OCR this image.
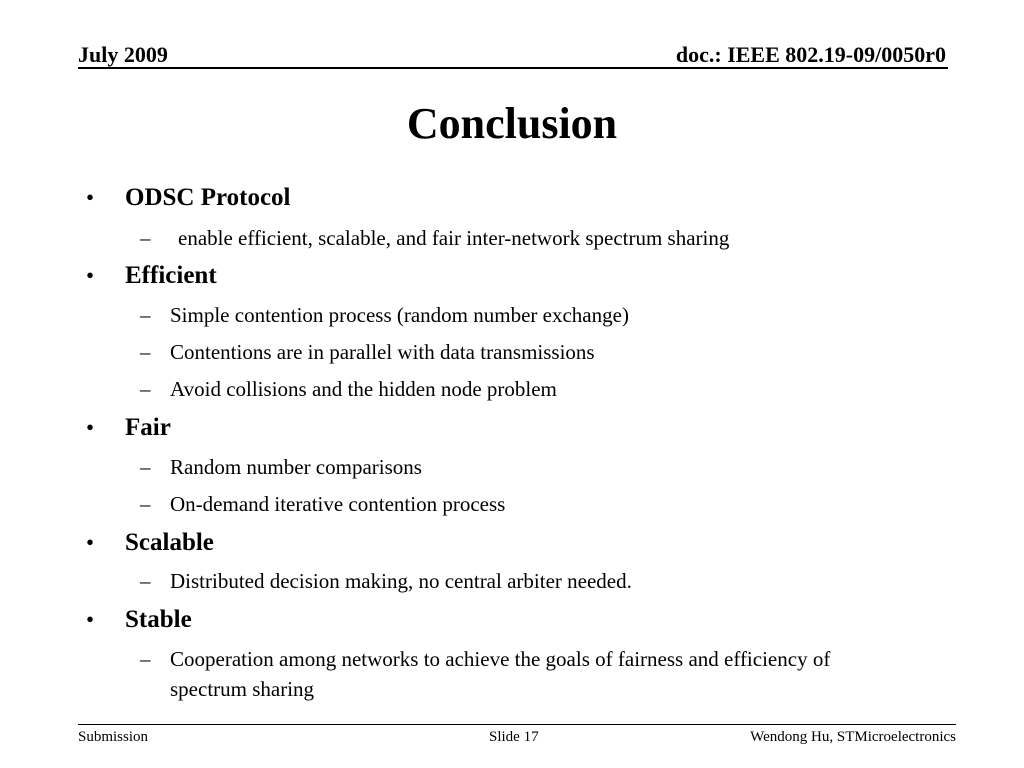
July 2009	doc.: IEEE 802.19-09/0050r0
Conclusion
• ODSC Protocol
– enable efficient, scalable, and fair inter-network spectrum sharing
• Efficient
– Simple contention process (random number exchange)
– Contentions are in parallel with data transmissions
– Avoid collisions and the hidden node problem
• Fair
– Random number comparisons
– On-demand iterative contention process
• Scalable
– Distributed decision making, no central arbiter needed.
• Stable
– Cooperation among networks to achieve the goals of fairness and efficiency of spectrum sharing
Submission	Slide 17	Wendong Hu, STMicroelectronics
